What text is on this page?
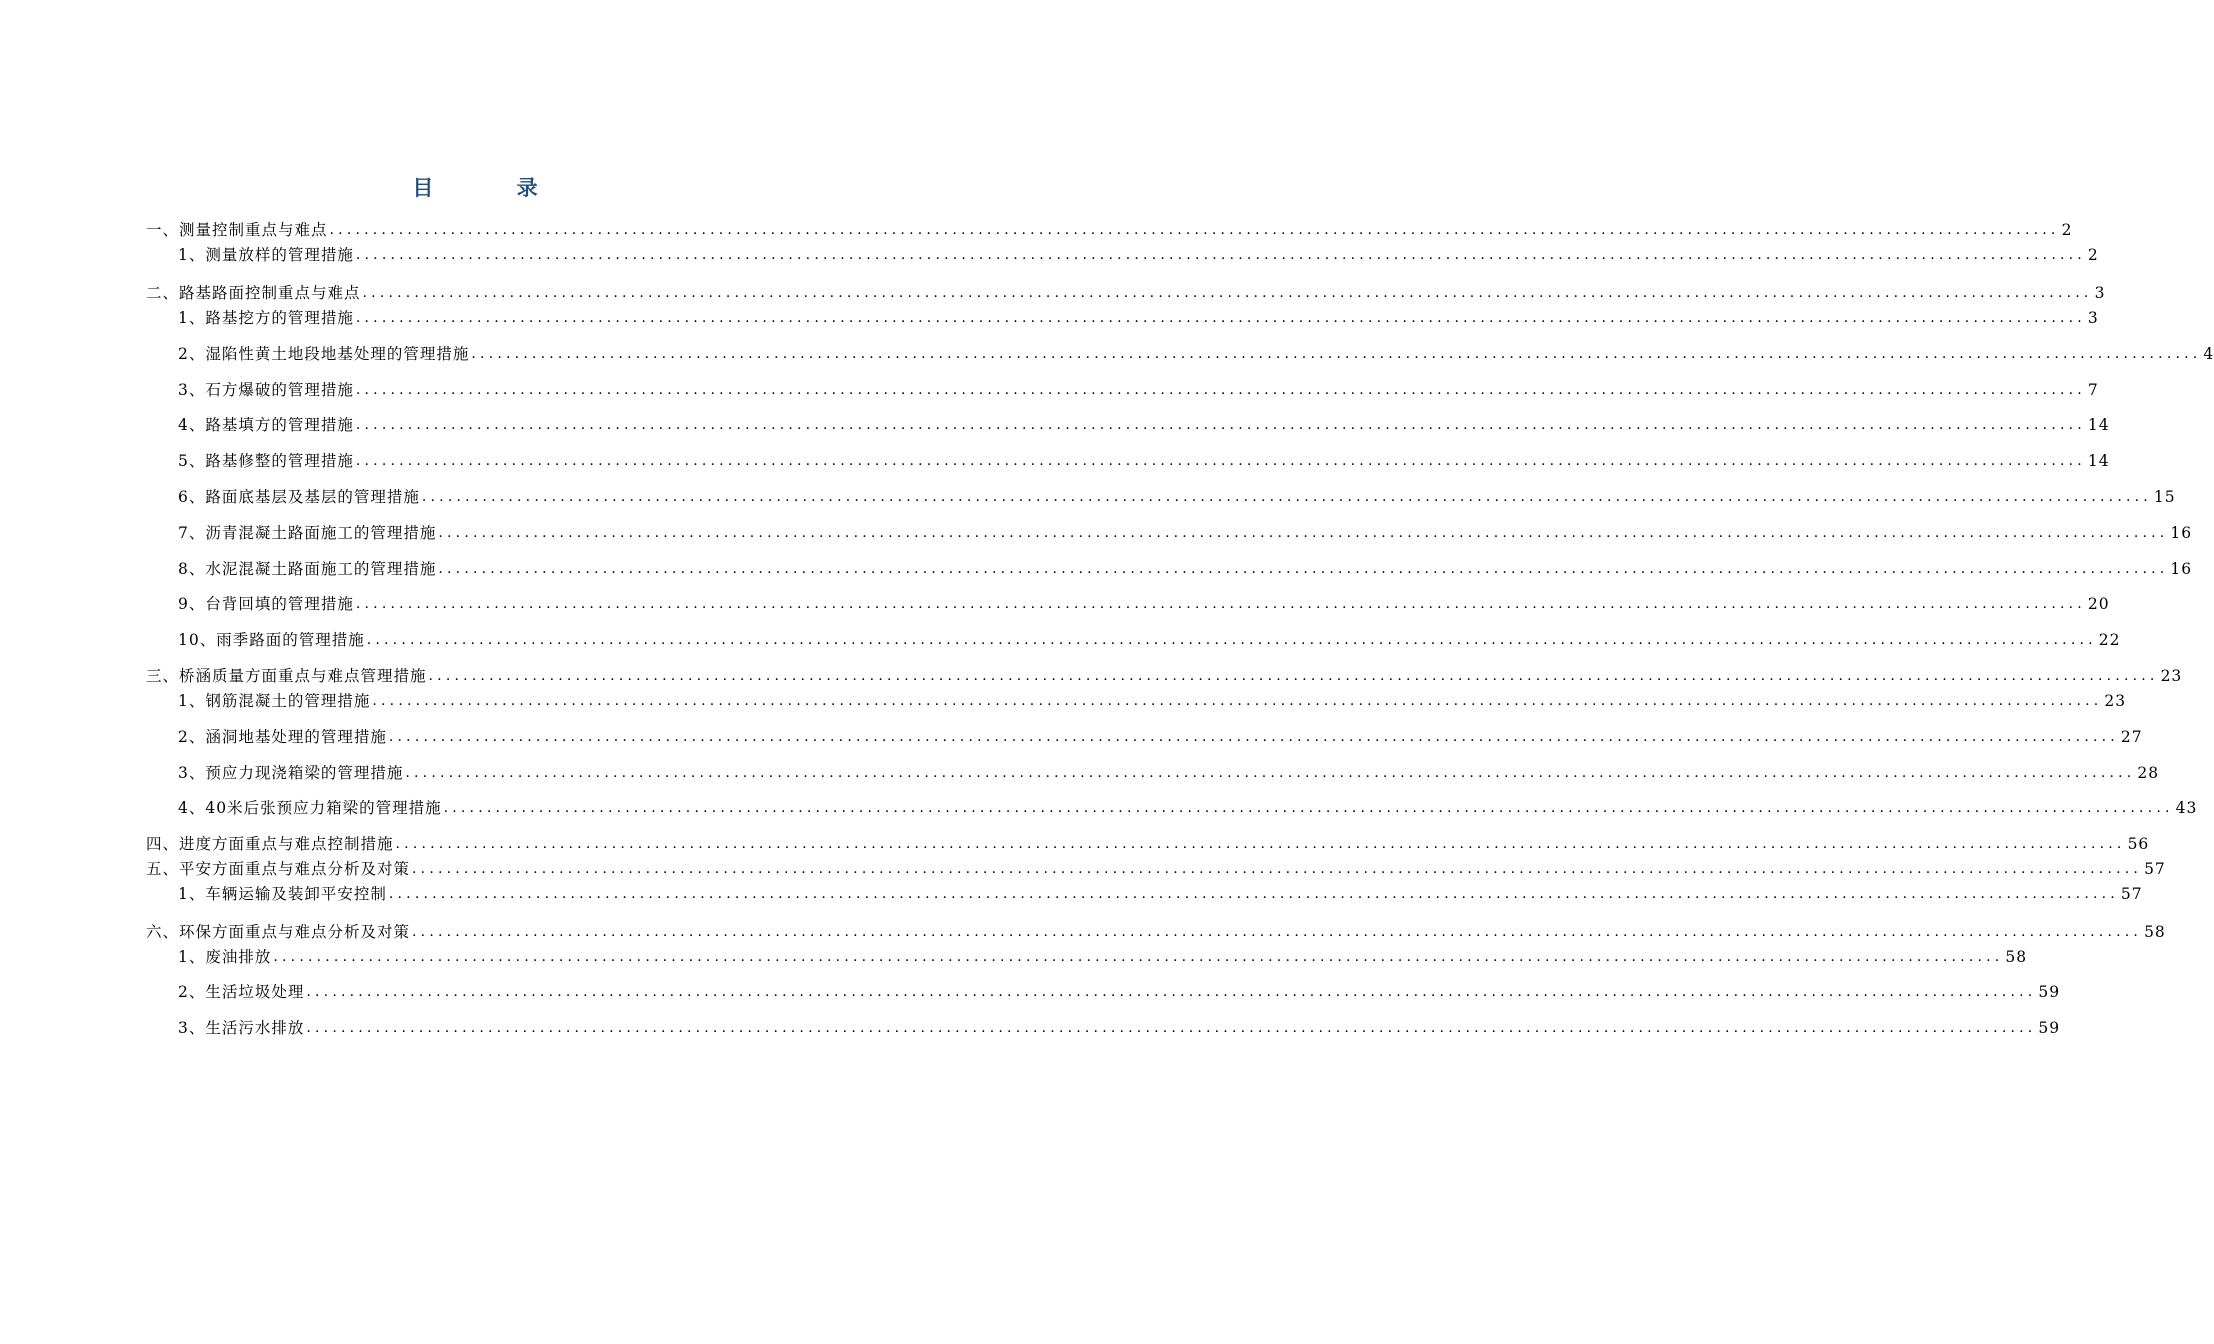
目 录
一、测量控制重点与难点 ........................................................................................................................................................................................................ 2
1、测量放样的管理措施 ........................................................................................................................................................................................................ 2
二、路基路面控制重点与难点 ........................................................................................................................................................................................................ 3
1、路基挖方的管理措施 ........................................................................................................................................................................................................ 3
2、湿陷性黄土地段地基处理的管理措施 ........................................................................................................................................................................................................ 4
3、石方爆破的管理措施 ........................................................................................................................................................................................................ 7
4、路基填方的管理措施 ........................................................................................................................................................................................................ 14
5、路基修整的管理措施 ........................................................................................................................................................................................................ 14
6、路面底基层及基层的管理措施 ........................................................................................................................................................................................................ 15
7、沥青混凝土路面施工的管理措施 ........................................................................................................................................................................................................ 16
8、水泥混凝土路面施工的管理措施 ........................................................................................................................................................................................................ 16
9、台背回填的管理措施 ........................................................................................................................................................................................................ 20
10、雨季路面的管理措施 ........................................................................................................................................................................................................ 22
三、桥涵质量方面重点与难点管理措施 ........................................................................................................................................................................................................ 23
1、钢筋混凝土的管理措施 ........................................................................................................................................................................................................ 23
2、涵洞地基处理的管理措施 ........................................................................................................................................................................................................ 27
3、预应力现浇箱梁的管理措施 ........................................................................................................................................................................................................ 28
4、40米后张预应力箱梁的管理措施 ........................................................................................................................................................................................................ 43
四、进度方面重点与难点控制措施 ........................................................................................................................................................................................................ 56
五、平安方面重点与难点分析及对策 ........................................................................................................................................................................................................ 57
1、车辆运输及装卸平安控制 ........................................................................................................................................................................................................ 57
六、环保方面重点与难点分析及对策 ........................................................................................................................................................................................................ 58
1、废油排放 ........................................................................................................................................................................................................ 58
2、生活垃圾处理 ........................................................................................................................................................................................................ 59
3、生活污水排放 ........................................................................................................................................................................................................ 59
